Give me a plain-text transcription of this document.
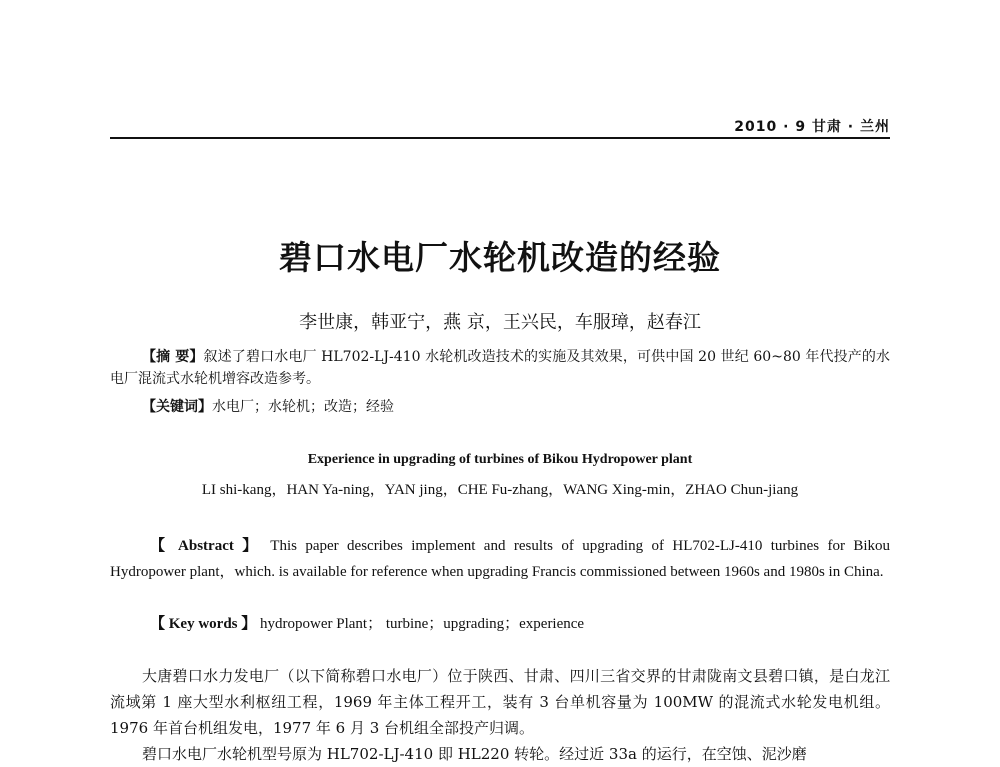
2010 · 9 甘肃 · 兰州
碧口水电厂水轮机改造的经验
李世康，韩亚宁，燕 京，王兴民，车服璋，赵春江
【摘 要】叙述了碧口水电厂 HL702-LJ-410 水轮机改造技术的实施及其效果，可供中国 20 世纪 60~80 年代投产的水电厂混流式水轮机增容改造参考。
【关键词】水电厂；水轮机；改造；经验
Experience in upgrading of turbines of Bikou Hydropower plant
LI shi-kang，HAN Ya-ning，YAN jing，CHE Fu-zhang，WANG Xing-min，ZHAO Chun-jiang
【 Abstract 】 This paper describes implement and results of upgrading of HL702-LJ-410 turbines for Bikou Hydropower plant，which. is available for reference when upgrading Francis commissioned between 1960s and 1980s in China.
【 Key words 】 hydropower Plant； turbine；upgrading；experience

大唐碧口水力发电厂（以下简称碧口水电厂）位于陕西、甘肃、四川三省交界的甘肃陇南文县碧口镇，是白龙江流域第 1 座大型水利枢纽工程，1969 年主体工程开工，装有 3 台单机容量为 100MW 的混流式水轮发电机组。1976 年首台机组发电，1977 年 6 月 3 台机组全部投产归调。

碧口水电厂水轮机型号原为 HL702-LJ-410 即 HL220 转轮。经过近 33a 的运行，在空蚀、泥沙磨
